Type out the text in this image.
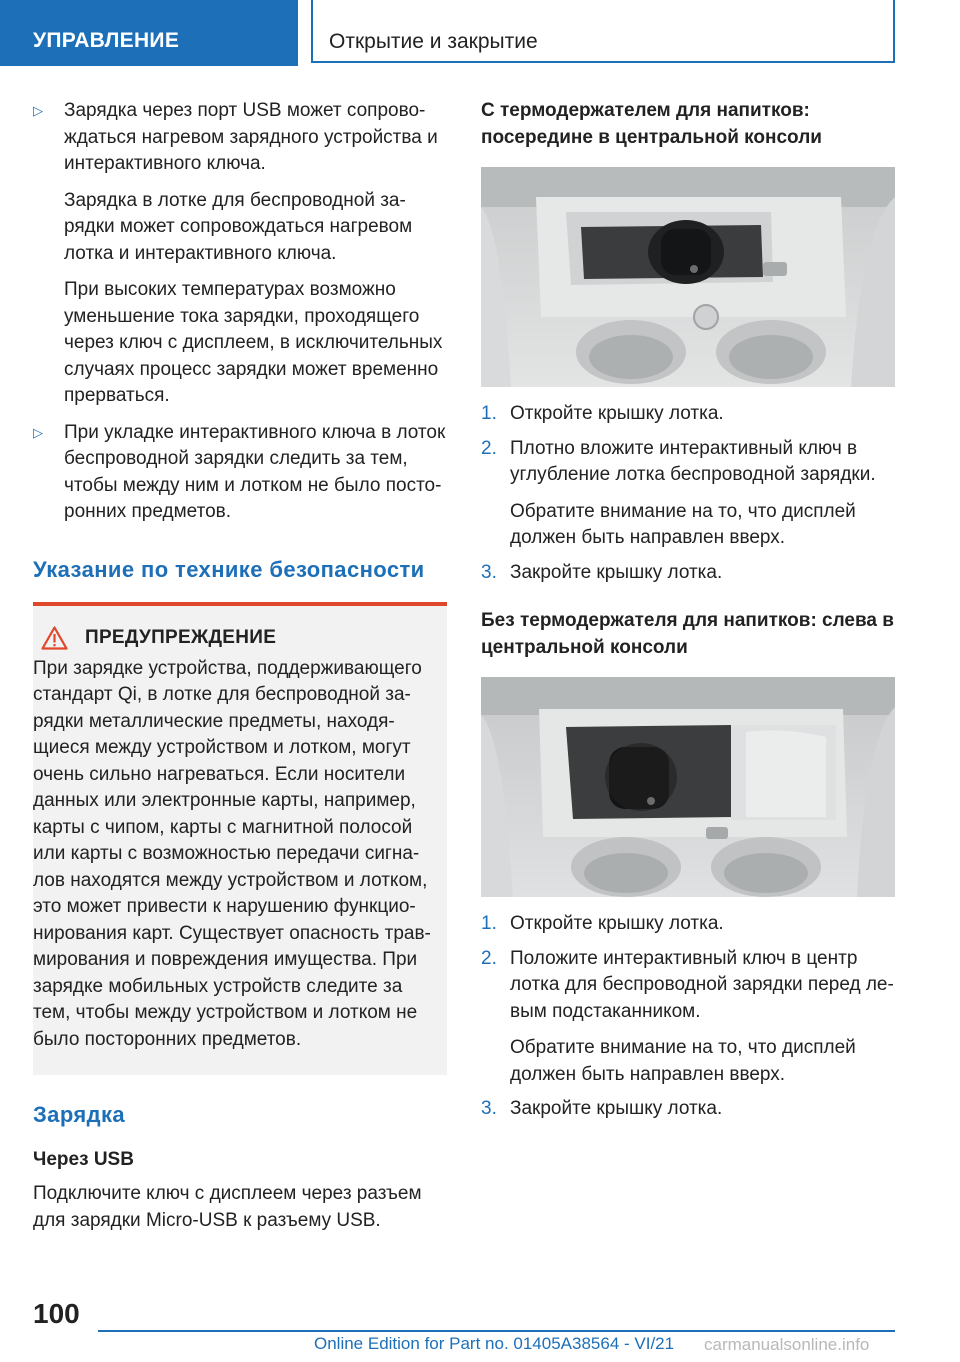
УПРАВЛЕНИЕ	Открытие и закрытие
▷ Зарядка через порт USB может сопровождаться нагревом зарядного устройства и интерактивного ключа.

Зарядка в лотке для беспроводной зарядки может сопровождаться нагревом лотка и интерактивного ключа.

При высоких температурах возможно уменьшение тока зарядки, проходящего через ключ с дисплеем, в исключительных случаях процесс зарядки может временно прерваться.

▷ При укладке интерактивного ключа в лоток беспроводной зарядки следить за тем, чтобы между ним и лотком не было посторонних предметов.

Указание по технике безопасности
ПРЕДУПРЕЖДЕНИЕ

При зарядке устройства, поддерживающего стандарт Qi, в лотке для беспроводной зарядки металлические предметы, находящиеся между устройством и лотком, могут очень сильно нагреваться. Если носители данных или электронные карты, например, карты с чипом, карты с магнитной полосой или карты с возможностью передачи сигналов находятся между устройством и лотком, это может привести к нарушению функционирования карт. Существует опасность травмирования и повреждения имущества. При зарядке мобильных устройств следите за тем, чтобы между устройством и лотком не было посторонних предметов.

Зарядка
Через USB

Подключите ключ с дисплеем через разъем для зарядки Micro-USB к разъему USB.

С термодержателем для напитков: посередине в центральной консоли
1. Откройте крышку лотка.

2. Плотно вложите интерактивный ключ в углубление лотка беспроводной зарядки.

Обратите внимание на то, что дисплей должен быть направлен вверх.

3. Закройте крышку лотка.

Без термодержателя для напитков: слева в центральной консоли
1. Откройте крышку лотка.

2. Положите интерактивный ключ в центр лотка для беспроводной зарядки перед левым подстаканником.

Обратите внимание на то, что дисплей должен быть направлен вверх.

3. Закройте крышку лотка.

100
Online Edition for Part no. 01405A38564 - VI/21 carmanualsonline.info
